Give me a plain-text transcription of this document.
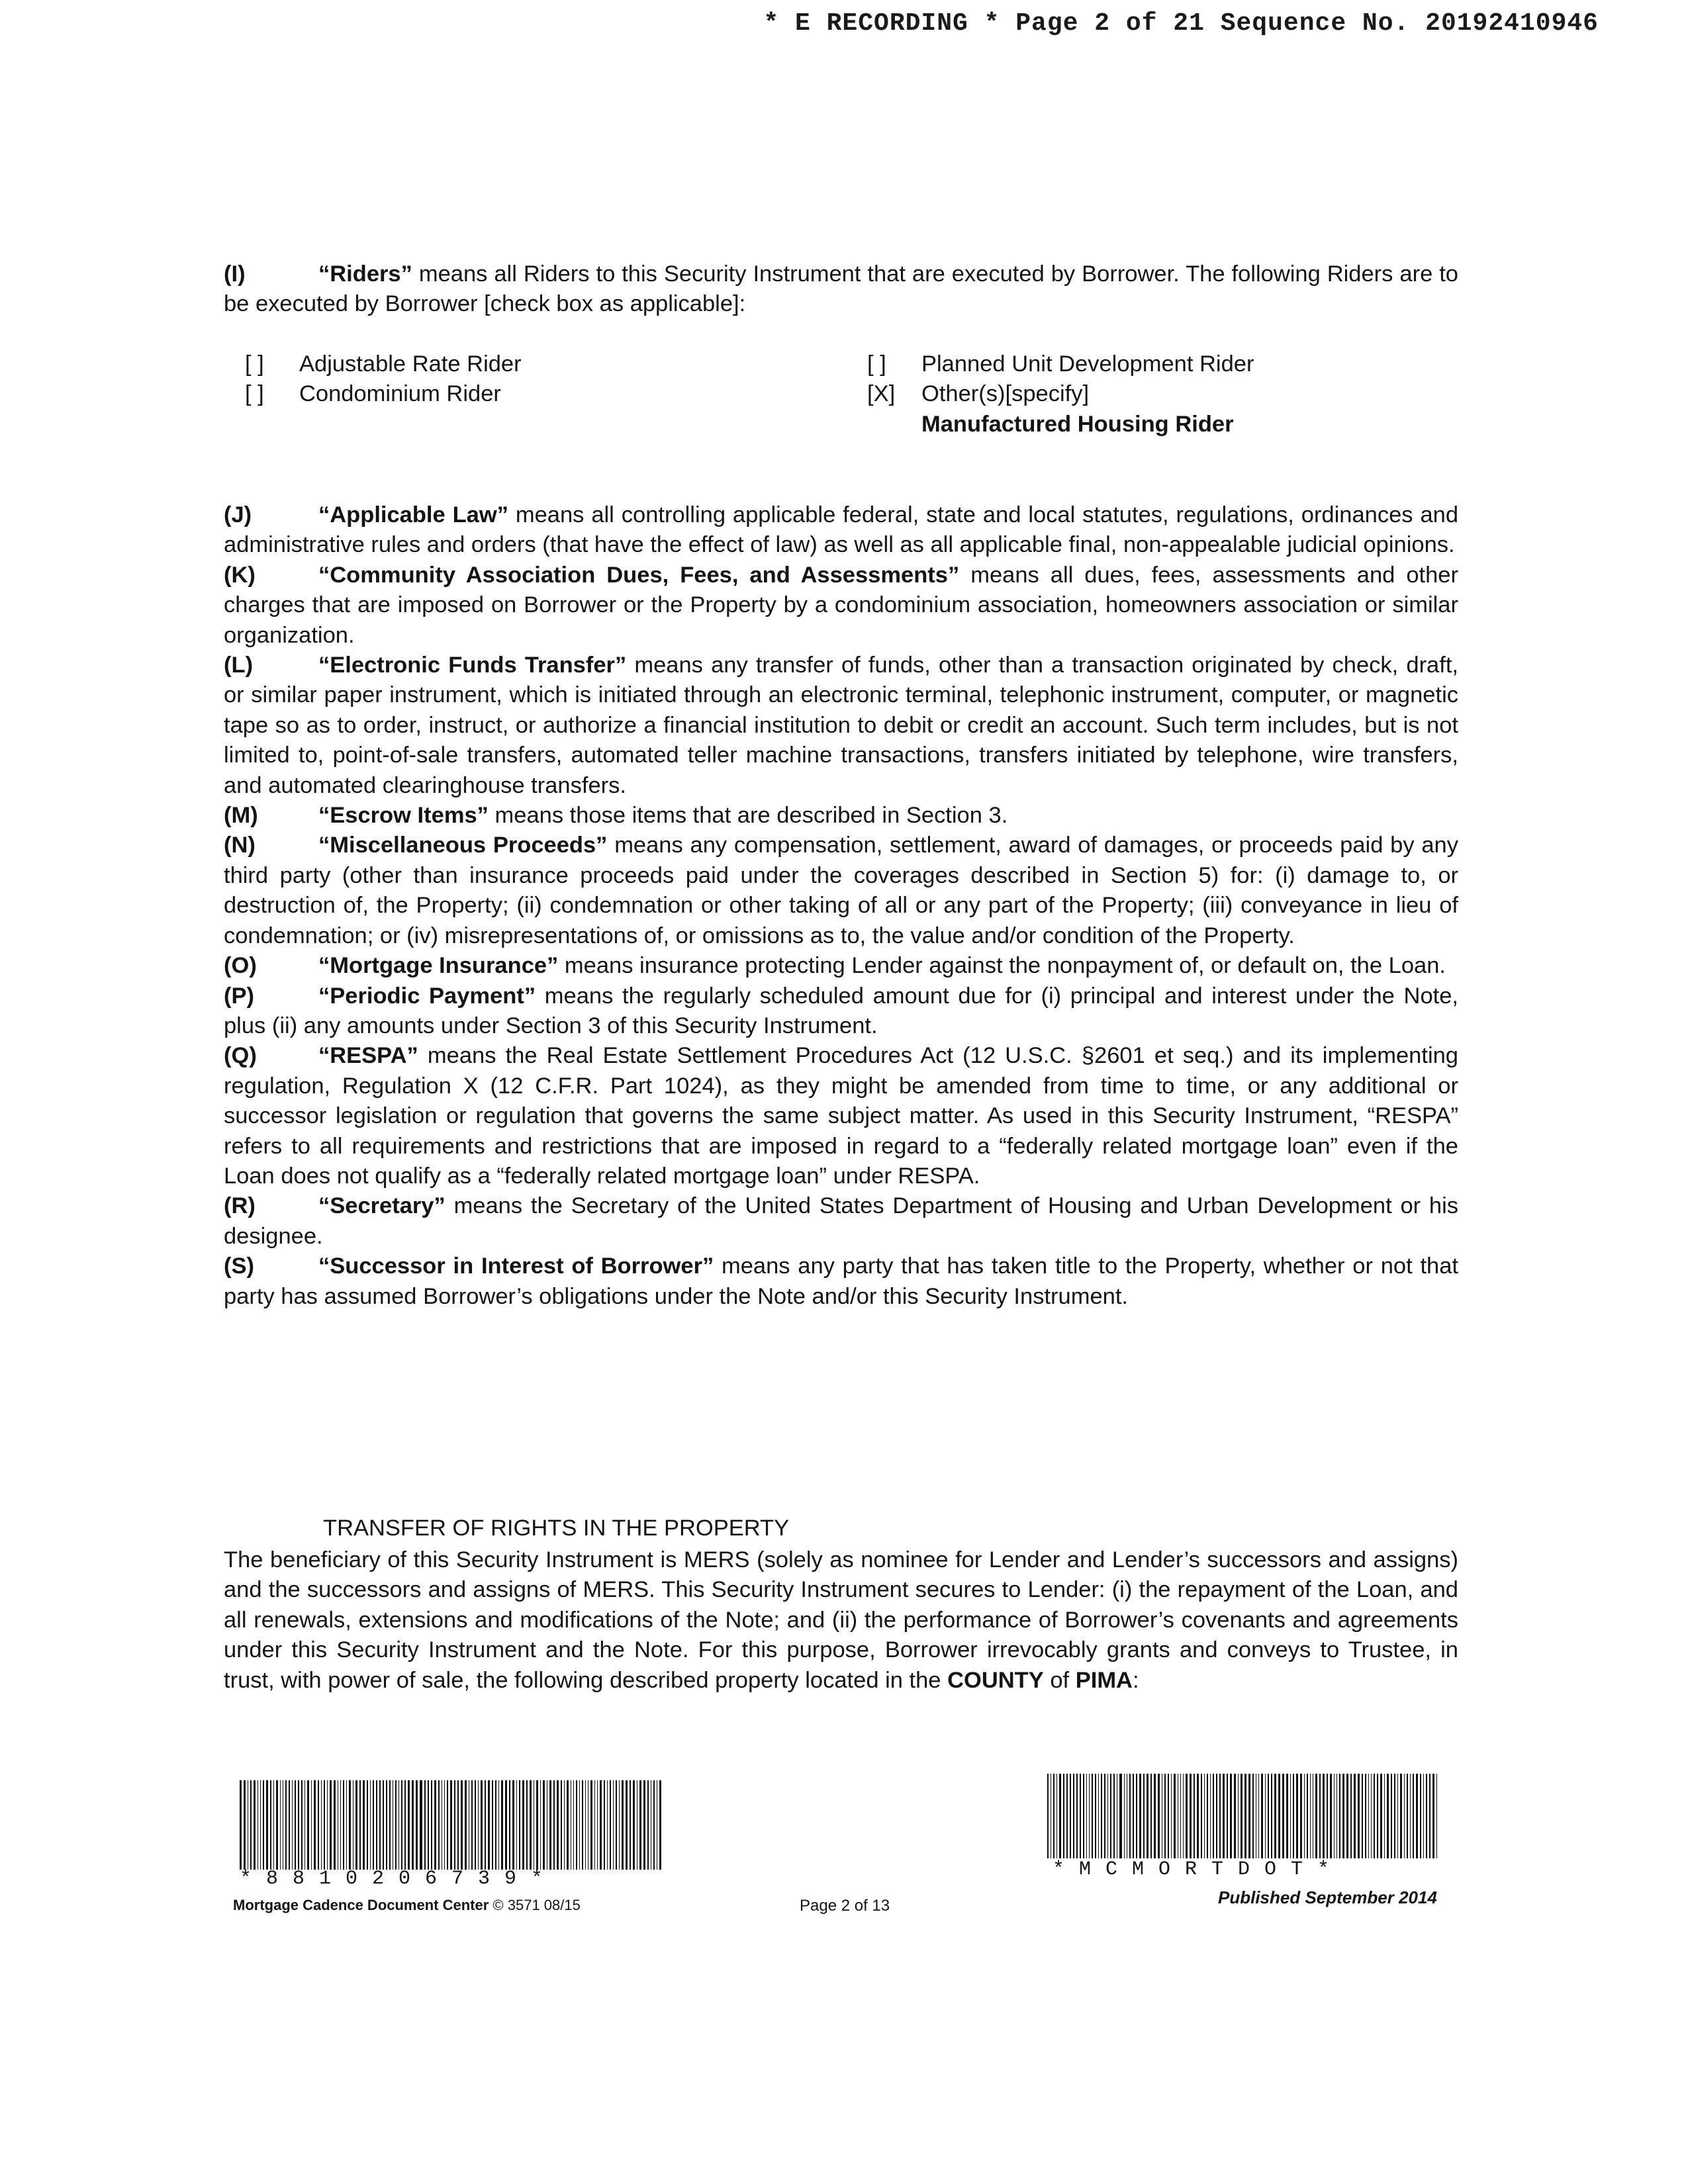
* E RECORDING * Page 2 of 21 Sequence No. 20192410946

(I)	“Riders” means all Riders to this Security Instrument that are executed by Borrower. The following Riders are to be executed by Borrower [check box as applicable]:

[ ] Adjustable Rate Rider
[ ] Condominium Rider
[ ] Planned Unit Development Rider
[X] Other(s)[specify]
Manufactured Housing Rider

(J)	“Applicable Law” means all controlling applicable federal, state and local statutes, regulations, ordinances and administrative rules and orders (that have the effect of law) as well as all applicable final, non-appealable judicial opinions.

(K)	“Community Association Dues, Fees, and Assessments” means all dues, fees, assessments and other charges that are imposed on Borrower or the Property by a condominium association, homeowners association or similar organization.

(L)	“Electronic Funds Transfer” means any transfer of funds, other than a transaction originated by check, draft, or similar paper instrument, which is initiated through an electronic terminal, telephonic instrument, computer, or magnetic tape so as to order, instruct, or authorize a financial institution to debit or credit an account. Such term includes, but is not limited to, point-of-sale transfers, automated teller machine transactions, transfers initiated by telephone, wire transfers, and automated clearinghouse transfers.

(M)	“Escrow Items” means those items that are described in Section 3.

(N)	“Miscellaneous Proceeds” means any compensation, settlement, award of damages, or proceeds paid by any third party (other than insurance proceeds paid under the coverages described in Section 5) for: (i) damage to, or destruction of, the Property; (ii) condemnation or other taking of all or any part of the Property; (iii) conveyance in lieu of condemnation; or (iv) misrepresentations of, or omissions as to, the value and/or condition of the Property.

(O)	“Mortgage Insurance” means insurance protecting Lender against the nonpayment of, or default on, the Loan.

(P)	“Periodic Payment” means the regularly scheduled amount due for (i) principal and interest under the Note, plus (ii) any amounts under Section 3 of this Security Instrument.

(Q)	“RESPA” means the Real Estate Settlement Procedures Act (12 U.S.C. §2601 et seq.) and its implementing regulation, Regulation X (12 C.F.R. Part 1024), as they might be amended from time to time, or any additional or successor legislation or regulation that governs the same subject matter. As used in this Security Instrument, “RESPA” refers to all requirements and restrictions that are imposed in regard to a “federally related mortgage loan” even if the Loan does not qualify as a “federally related mortgage loan” under RESPA.

(R)	“Secretary” means the Secretary of the United States Department of Housing and Urban Development or his designee.

(S)	“Successor in Interest of Borrower” means any party that has taken title to the Property, whether or not that party has assumed Borrower’s obligations under the Note and/or this Security Instrument.

TRANSFER OF RIGHTS IN THE PROPERTY

The beneficiary of this Security Instrument is MERS (solely as nominee for Lender and Lender’s successors and assigns) and the successors and assigns of MERS. This Security Instrument secures to Lender: (i) the repayment of the Loan, and all renewals, extensions and modifications of the Note; and (ii) the performance of Borrower’s covenants and agreements under this Security Instrument and the Note. For this purpose, Borrower irrevocably grants and conveys to Trustee, in trust, with power of sale, the following described property located in the COUNTY of PIMA:

*8810206739*	*MCMORTDOT*
Mortgage Cadence Document Center © 3571 08/15	Page 2 of 13	Published September 2014
